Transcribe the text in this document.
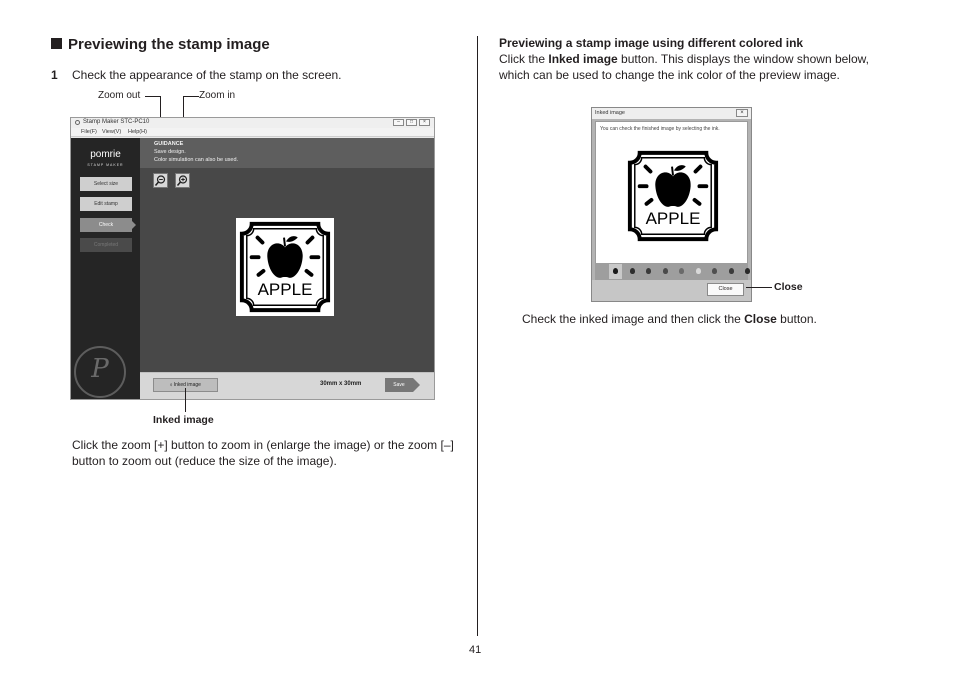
Previewing the stamp image
1 Check the appearance of the stamp on the screen.
Zoom out	Zoom in
Stamp Maker STC-PC10	–	□	×
File(F) View(V) Help(H)
pomrie
STAMP MAKER
Select size
Edit stamp
Check
Completed
P
GUIDANCE
Save design.
Color simulation can also be used.
⬨ Inked image	30mm x 30mm	Save
APPLE
Inked image
Click the zoom [+] button to zoom in (enlarge the image) or the zoom [–] button to zoom out (reduce the size of the image).
41
Previewing a stamp image using different colored ink
Click the Inked image button. This displays the window shown below, which can be used to change the ink color of the preview image.
Inked image	×
You can check the finished image by selecting the ink.
APPLE
Close	Close
Check the inked image and then click the Close button.
